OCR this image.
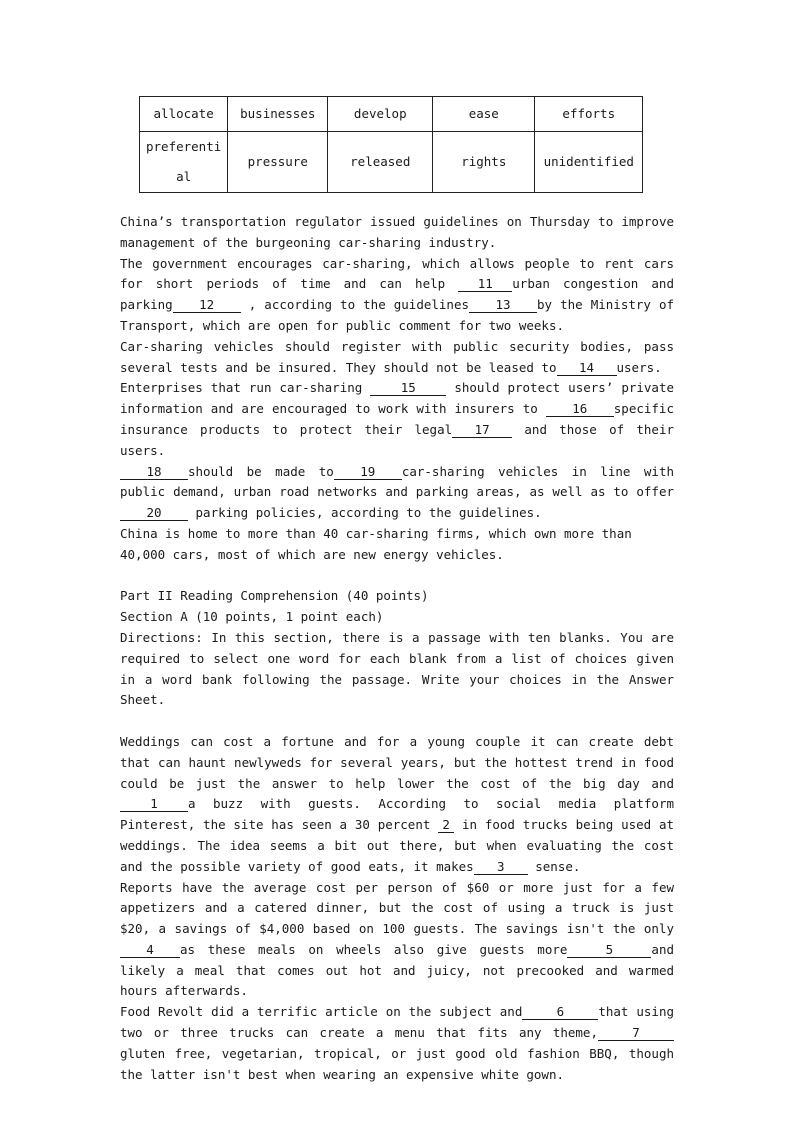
allocate	businesses	develop	ease	efforts
preferenti al	pressure	released	rights	unidentified

China’s transportation regulator issued guidelines on Thursday to improve management of the burgeoning car-sharing industry.

The government encourages car-sharing, which allows people to rent cars for short periods of time and can help	11 urban congestion and parking 12	, according to the guidelines 13 by the Ministry of Transport, which are open for public comment for two weeks.

Car-sharing vehicles should register with public security bodies, pass several tests and be insured. They should not be leased to 14 users.

Enterprises that run car-sharing	15	should protect users’ private information and are encouraged to work with insurers to	16 specific insurance products to protect their legal 17	and those of their users.

18 should be made to 19 car-sharing vehicles in line with public demand, urban road networks and parking areas, as well as to offer20	parking policies, according to the guidelines.

China is home to more than 40 car-sharing firms, which own more than 40,000 cars, most of which are new energy vehicles.

Part II Reading Comprehension (40 points)

Section A (10 points, 1 point each)

Directions: In this section, there is a passage with ten blanks. You are required to select one word for each blank from a list of choices given in a word bank following the passage. Write your choices in the Answer Sheet.

Weddings can cost a fortune and for a young couple it can create debt that can haunt newlyweds for several years, but the hottest trend in food could be just the answer to help lower the cost of the big day and 1 a buzz with guests. According to social media platform Pinterest, the site has seen a 30 percent 2 in food trucks being used at weddings. The idea seems a bit out there, but when evaluating the cost and the possible variety of good eats, it makes 3 sense.

Reports have the average cost per person of $60 or more just for a few appetizers and a catered dinner, but the cost of using a truck is just $20, a savings of $4,000 based on 100 guests. The savings isn't the only4 as these meals on wheels also give guests more	5	and likely a meal that comes out hot and juicy, not precooked and warmed hours afterwards.

Food Revolt did a terrific article on the subject and	6	that using two or three trucks can create a menu that fits any theme,	7gluten free, vegetarian, tropical, or just good old fashion BBQ, though the latter isn't best when wearing an expensive white gown.
